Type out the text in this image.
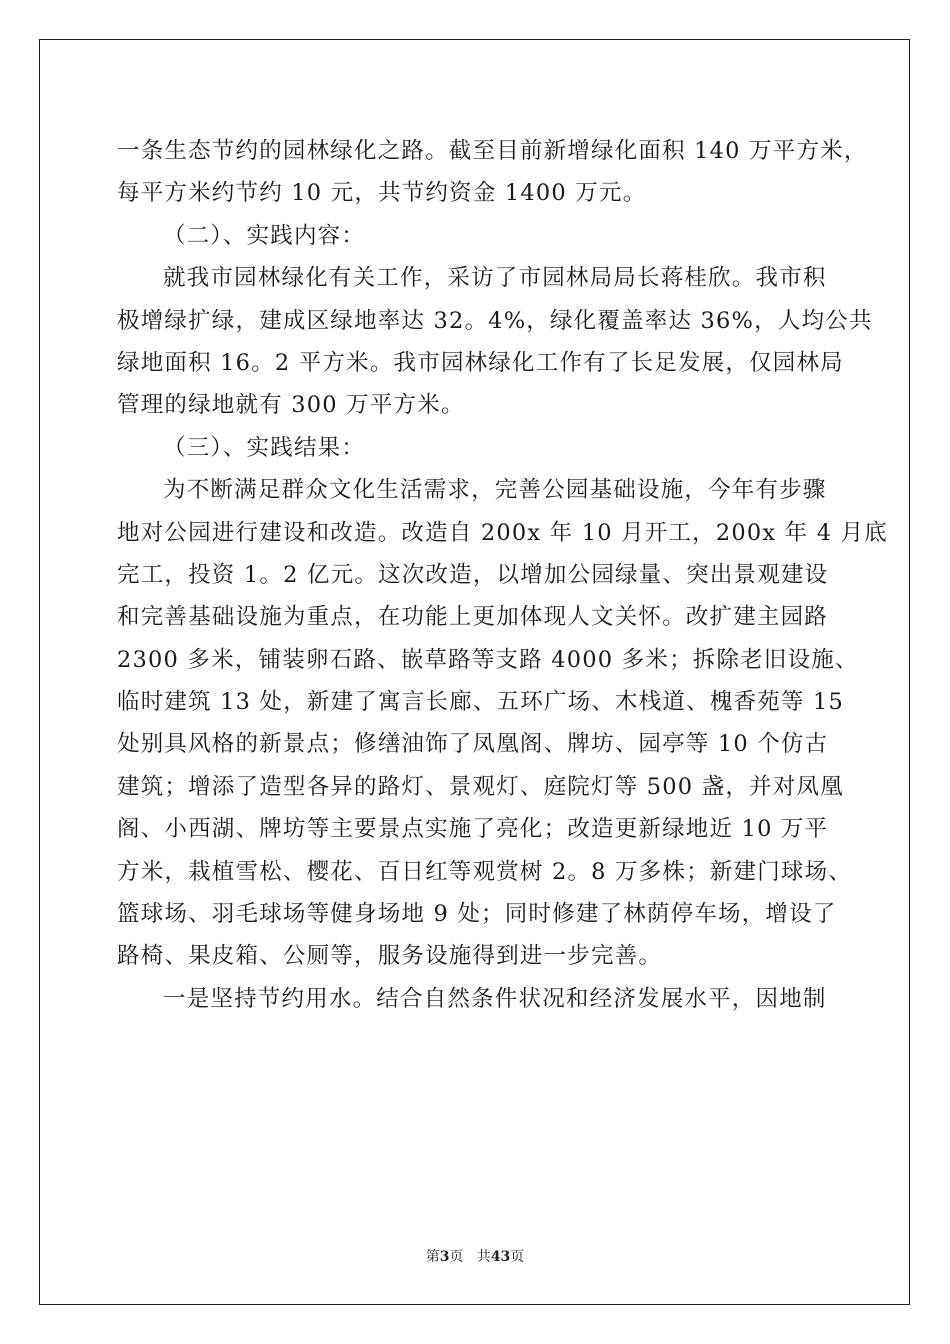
一条生态节约的园林绿化之路。截至目前新增绿化面积 140 万平方米，
每平方米约节约 10 元，共节约资金 1400 万元。
（二）、实践内容：
就我市园林绿化有关工作，采访了市园林局局长蒋桂欣。我市积
极增绿扩绿，建成区绿地率达 32。4%，绿化覆盖率达 36%，人均公共
绿地面积 16。2 平方米。我市园林绿化工作有了长足发展，仅园林局
管理的绿地就有 300 万平方米。
（三）、实践结果：
为不断满足群众文化生活需求，完善公园基础设施，今年有步骤
地对公园进行建设和改造。改造自 200x 年 10 月开工，200x 年 4 月底
完工，投资 1。2 亿元。这次改造，以增加公园绿量、突出景观建设
和完善基础设施为重点，在功能上更加体现人文关怀。改扩建主园路
2300 多米，铺装卵石路、嵌草路等支路 4000 多米；拆除老旧设施、
临时建筑 13 处，新建了寓言长廊、五环广场、木栈道、槐香苑等 15
处别具风格的新景点；修缮油饰了凤凰阁、牌坊、园亭等 10 个仿古
建筑；增添了造型各异的路灯、景观灯、庭院灯等 500 盏，并对凤凰
阁、小西湖、牌坊等主要景点实施了亮化；改造更新绿地近 10 万平
方米，栽植雪松、樱花、百日红等观赏树 2。8 万多株；新建门球场、
篮球场、羽毛球场等健身场地 9 处；同时修建了林荫停车场，增设了
路椅、果皮箱、公厕等，服务设施得到进一步完善。
一是坚持节约用水。结合自然条件状况和经济发展水平，因地制
第3页   共43页
